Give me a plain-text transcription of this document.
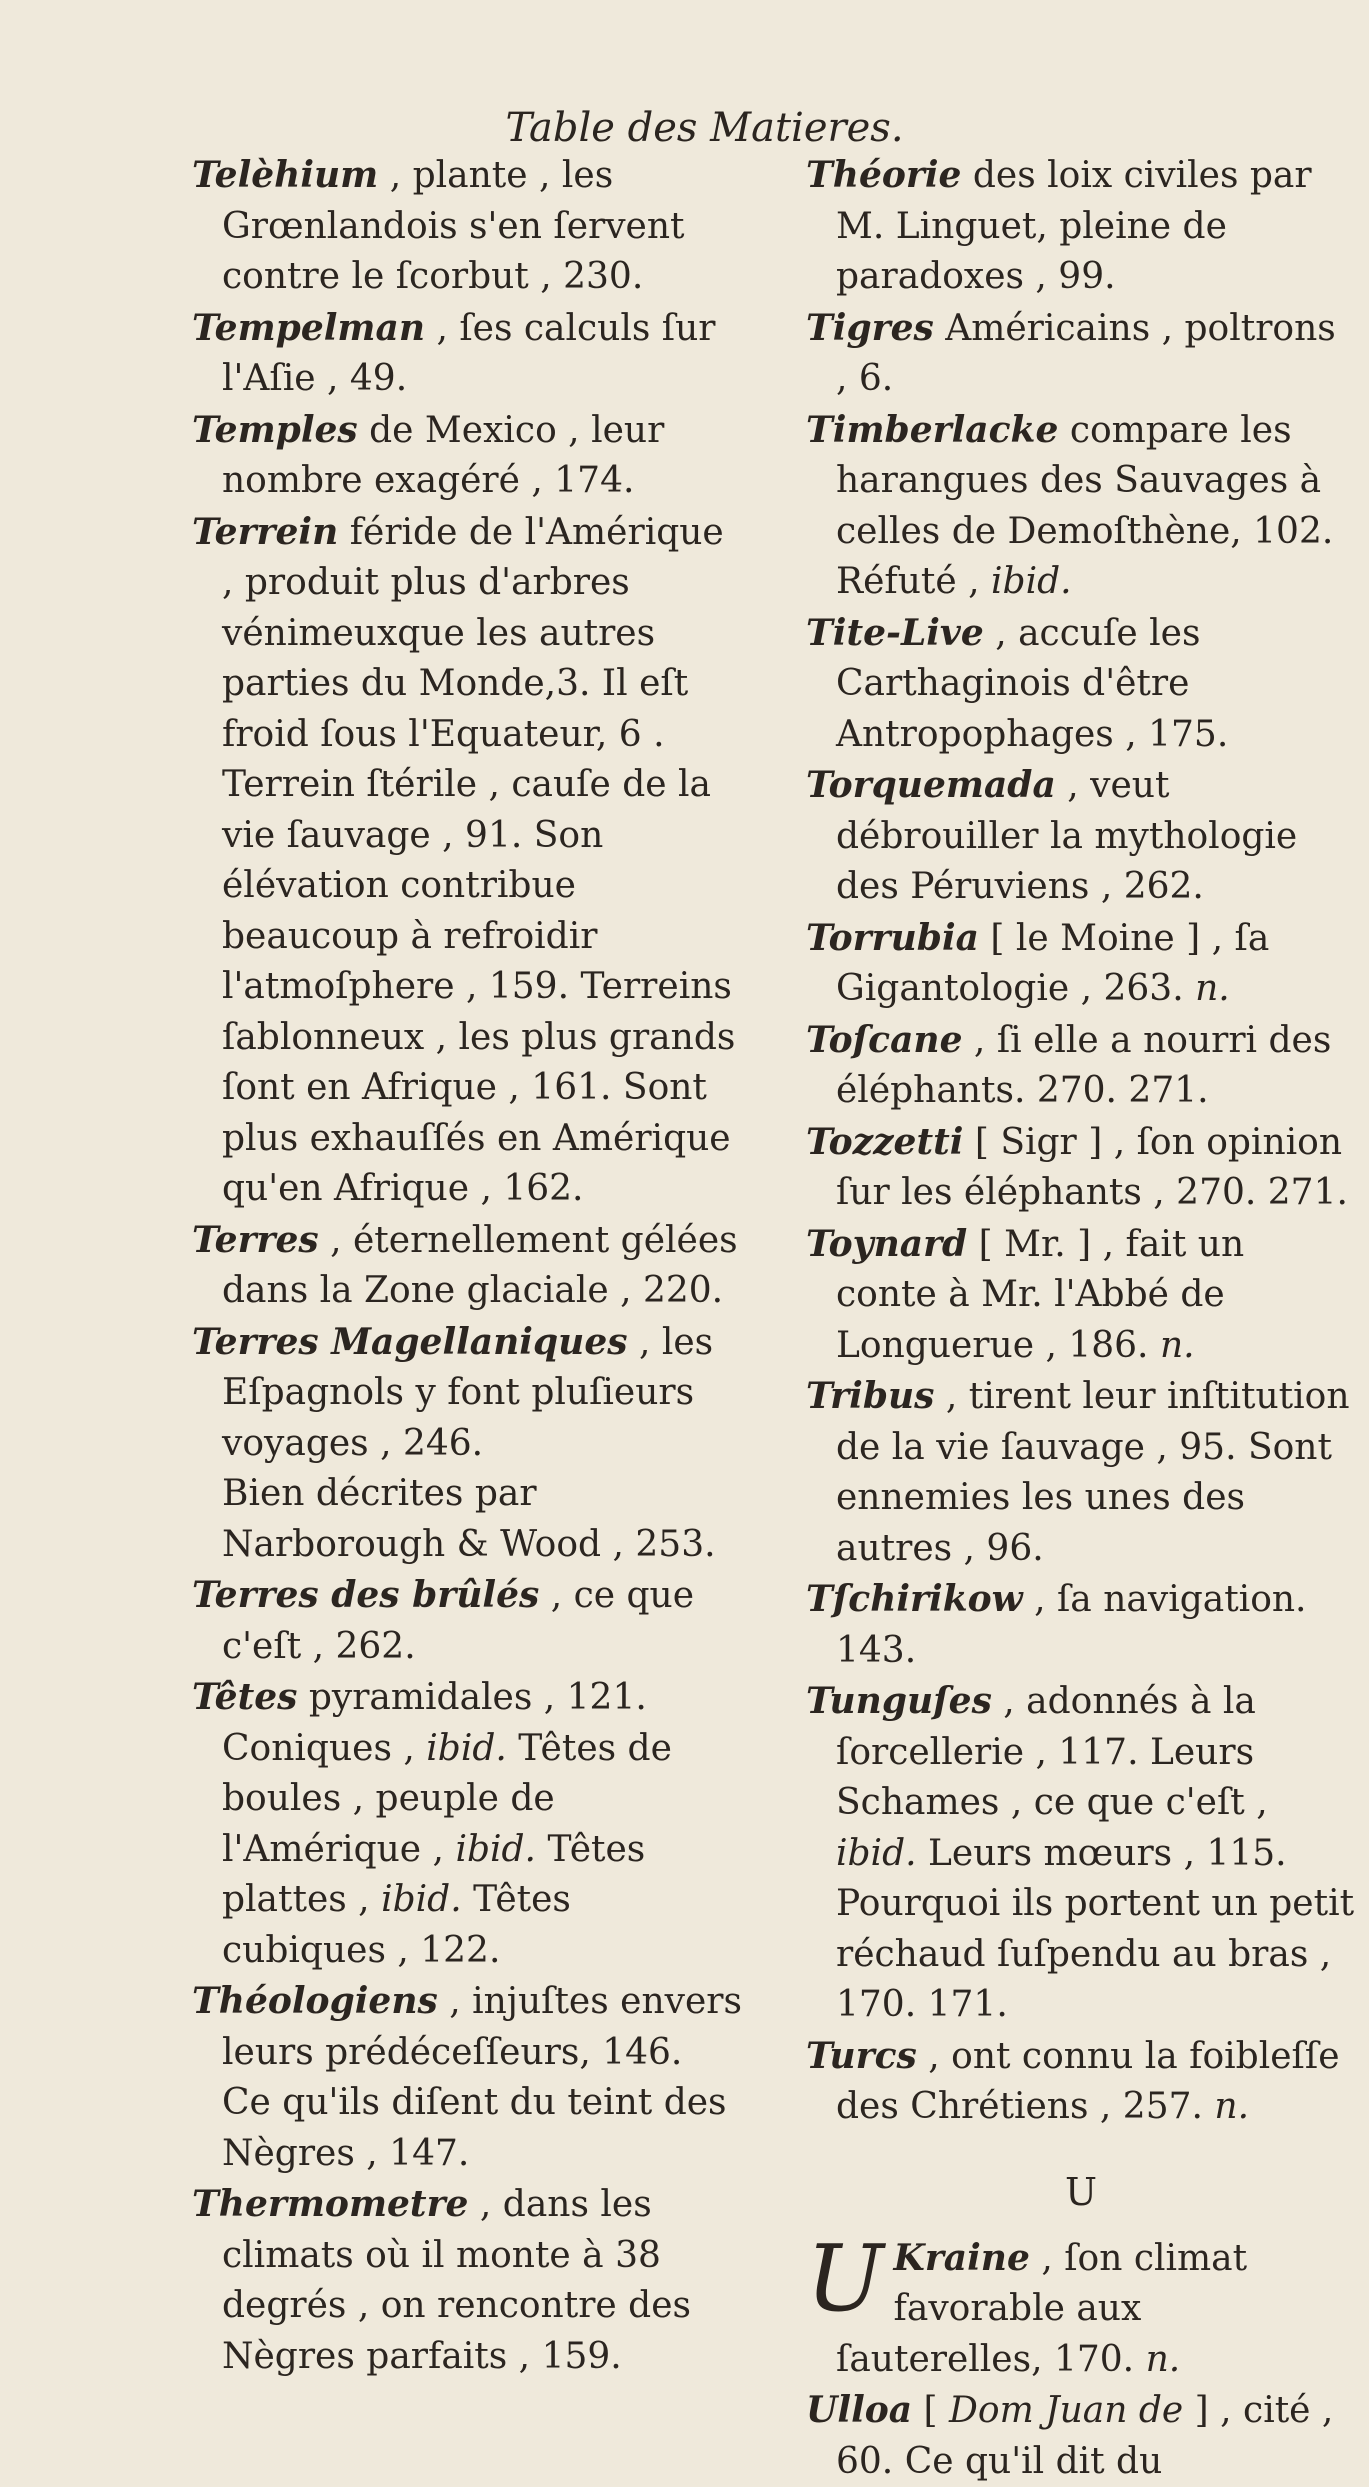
Table des Matieres.
Telèhium , plante , les Grœnlandois s'en ſervent contre le ſcorbut , 230.
Tempelman , ſes calculs ſur l'Aſie , 49.
Temples de Mexico , leur nombre exagéré , 174.
Terrein féride de l'Amérique , produit plus d'arbres vénimeuxque les autres parties du Monde,3. Il eſt froid ſous l'Equateur, 6 . Terrein ſtérile , cauſe de la vie ſauvage , 91. Son élévation contribue beaucoup à refroidir l'atmoſphere , 159. Terreins ſablonneux , les plus grands ſont en Afrique , 161. Sont plus exhauſſés en Amérique qu'en Afrique , 162.
Terres , éternellement gélées dans la Zone glaciale , 220.
Terres Magellaniques , les Eſpagnols y font pluſieurs voyages , 246.
Bien décrites par Narborough & Wood , 253.
Terres des brûlés , ce que c'eſt , 262.
Têtes pyramidales , 121. Coniques , ibid. Têtes de boules , peuple de l'Amérique , ibid. Têtes plattes , ibid. Têtes cubiques , 122.
Théologiens , injuſtes envers leurs prédéceſſeurs, 146.
Ce qu'ils diſent du teint des Nègres , 147.
Thermometre , dans les climats où il monte à 38 degrés , on rencontre des Nègres parfaits , 159.
Théorie des loix civiles par M. Linguet, pleine de paradoxes , 99.
Tigres Américains , poltrons , 6.
Timberlacke compare les harangues des Sauvages à celles de Demoſthène, 102. Réfuté , ibid.
Tite-Live , accuſe les Carthaginois d'être Antropophages , 175.
Torquemada , veut débrouiller la mythologie des Péruviens , 262.
Torrubia [ le Moine ] , ſa Gigantologie , 263. n.
Toſcane , ſi elle a nourri des éléphants. 270. 271.
Tozzetti [ Sigr ] , ſon opinion ſur les éléphants , 270. 271.
Toynard [ Mr. ] , fait un conte à Mr. l'Abbé de Longuerue , 186. n.
Tribus , tirent leur inſtitution de la vie ſauvage , 95. Sont ennemies les unes des autres , 96.
Tſchirikow , ſa navigation. 143.
Tunguſes , adonnés à la ſorcellerie , 117. Leurs Schames , ce que c'eſt , ibid. Leurs mœurs , 115. Pourquoi ils portent un petit réchaud ſuſpendu au bras , 170. 171.
Turcs , ont connu la foibleſſe des Chrétiens , 257. n.
U
U Kraine , ſon climat favorable aux ſauterelles, 170. n.
Ulloa [ Dom Juan de ] , cité , 60. Ce qu'il dit du
